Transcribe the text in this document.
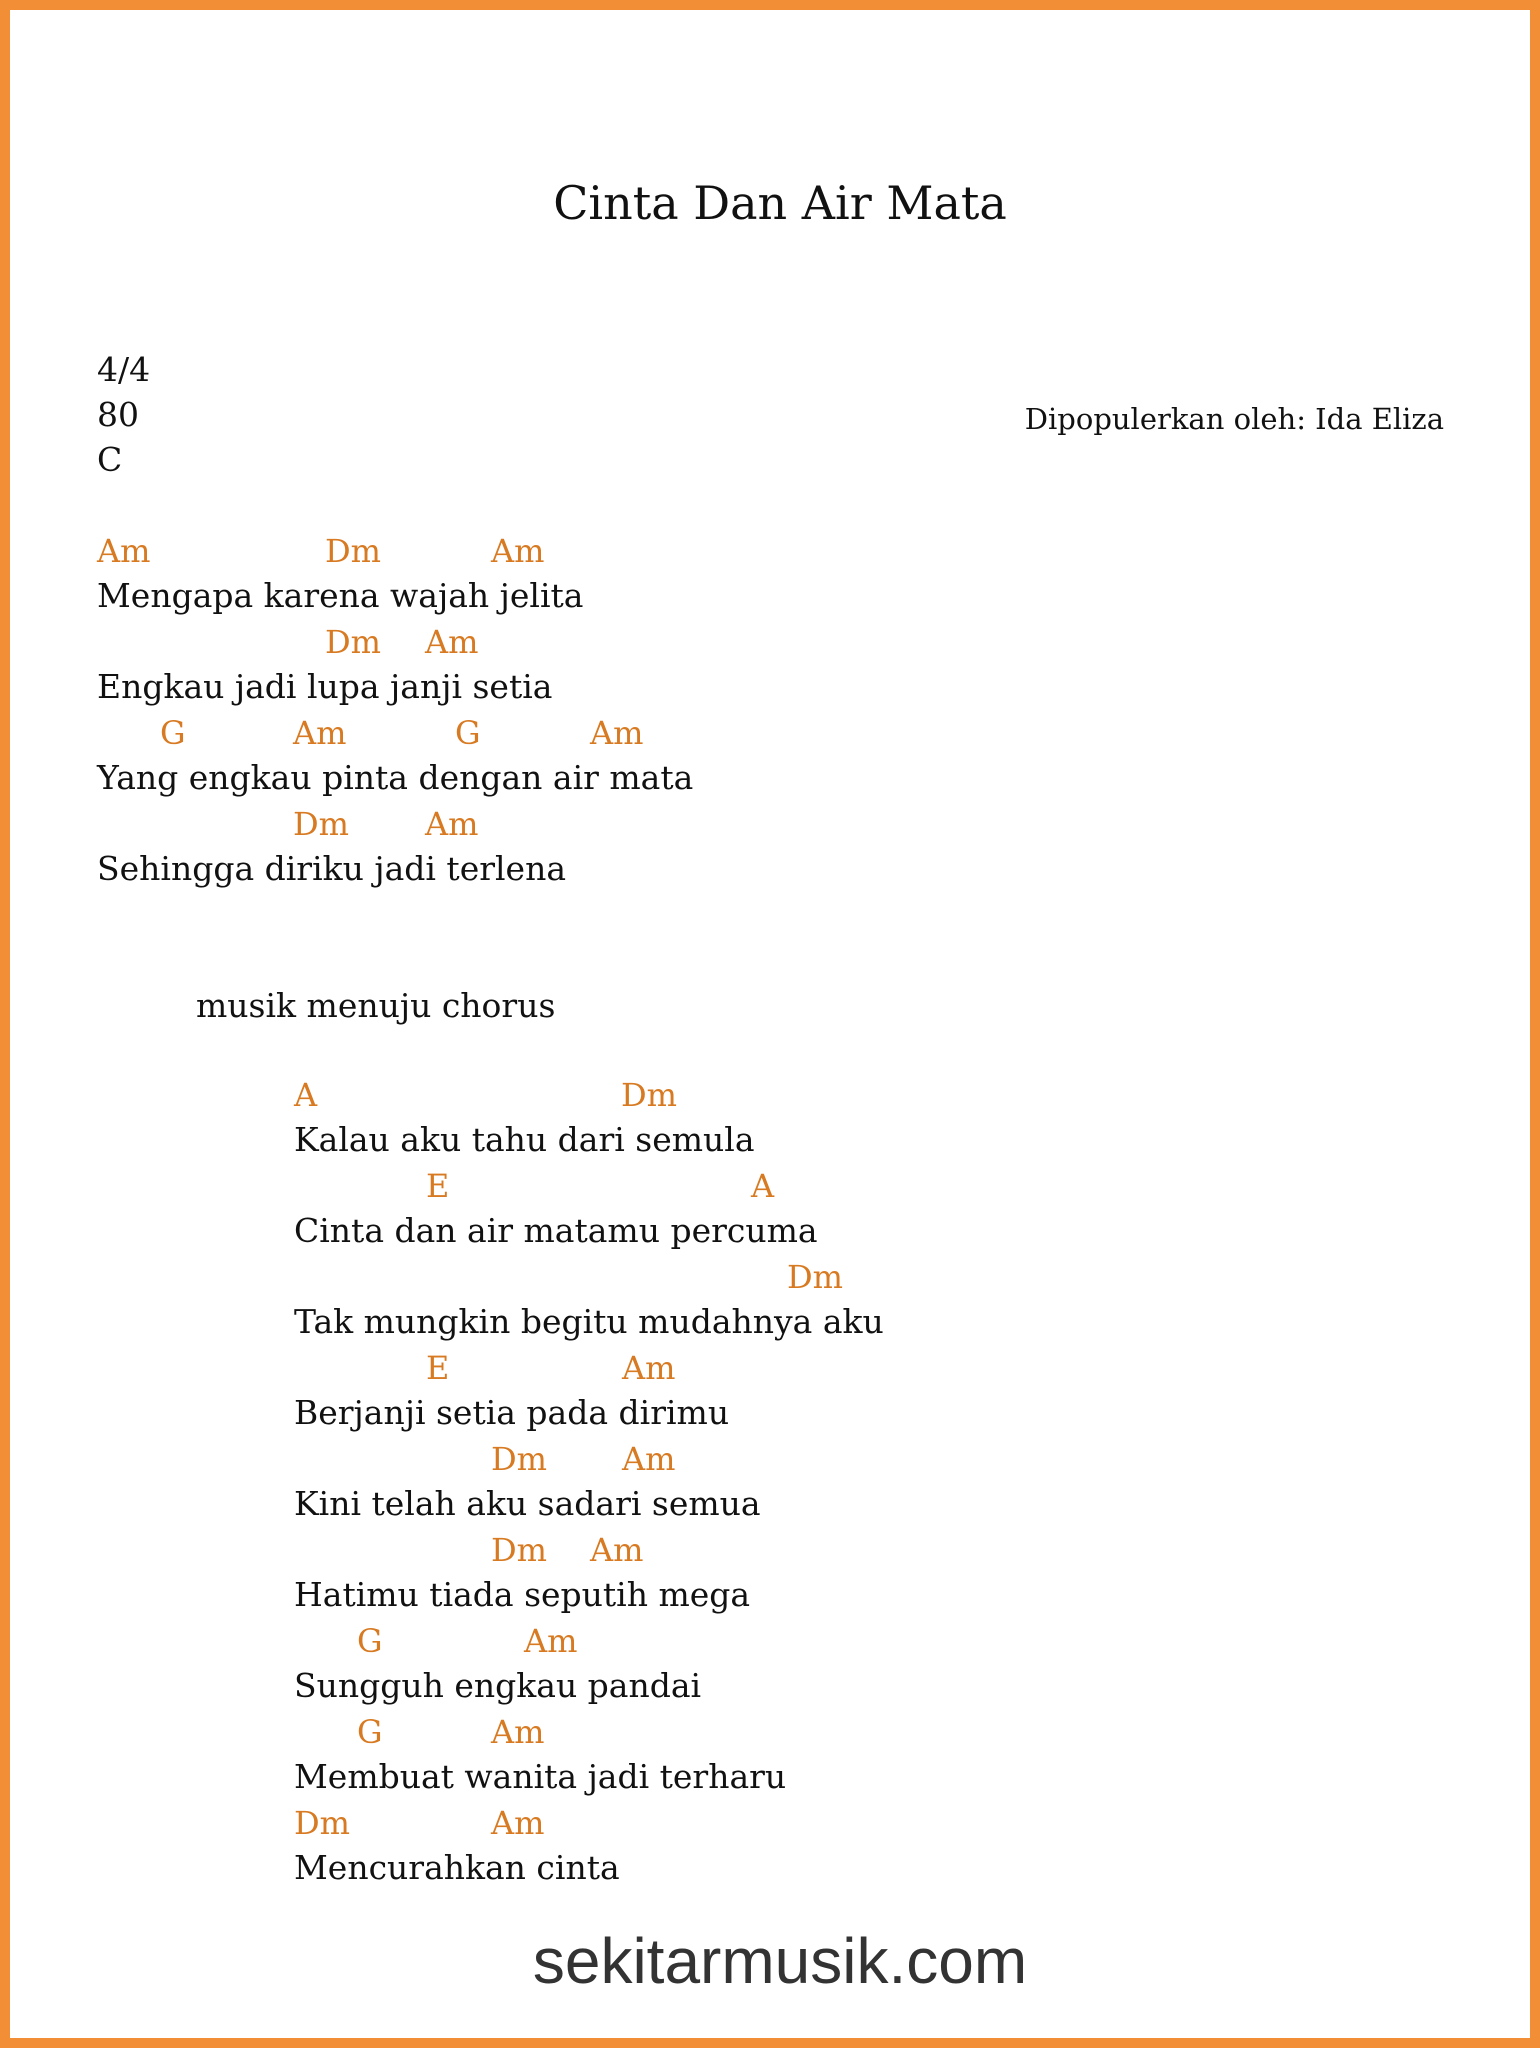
Cinta Dan Air Mata
4/4
80
C
Dipopulerkan oleh: Ida Eliza
Am	Dm	Am
Mengapa karena wajah jelita
Dm Am
Engkau jadi lupa janji setia
G	Am	G	Am
Yang engkau pinta dengan air mata
Dm Am
Sehingga diriku jadi terlena
musik menuju chorus
A	Dm
Kalau aku tahu dari semula
E	A
Cinta dan air matamu percuma
Dm
Tak mungkin begitu mudahnya aku
E	Am
Berjanji setia pada dirimu
Dm Am
Kini telah aku sadari semua
Dm Am
Hatimu tiada seputih mega
G	Am
Sungguh engkau pandai
G	Am
Membuat wanita jadi terharu
Dm	Am
Mencurahkan cinta
sekitarmusik.com
